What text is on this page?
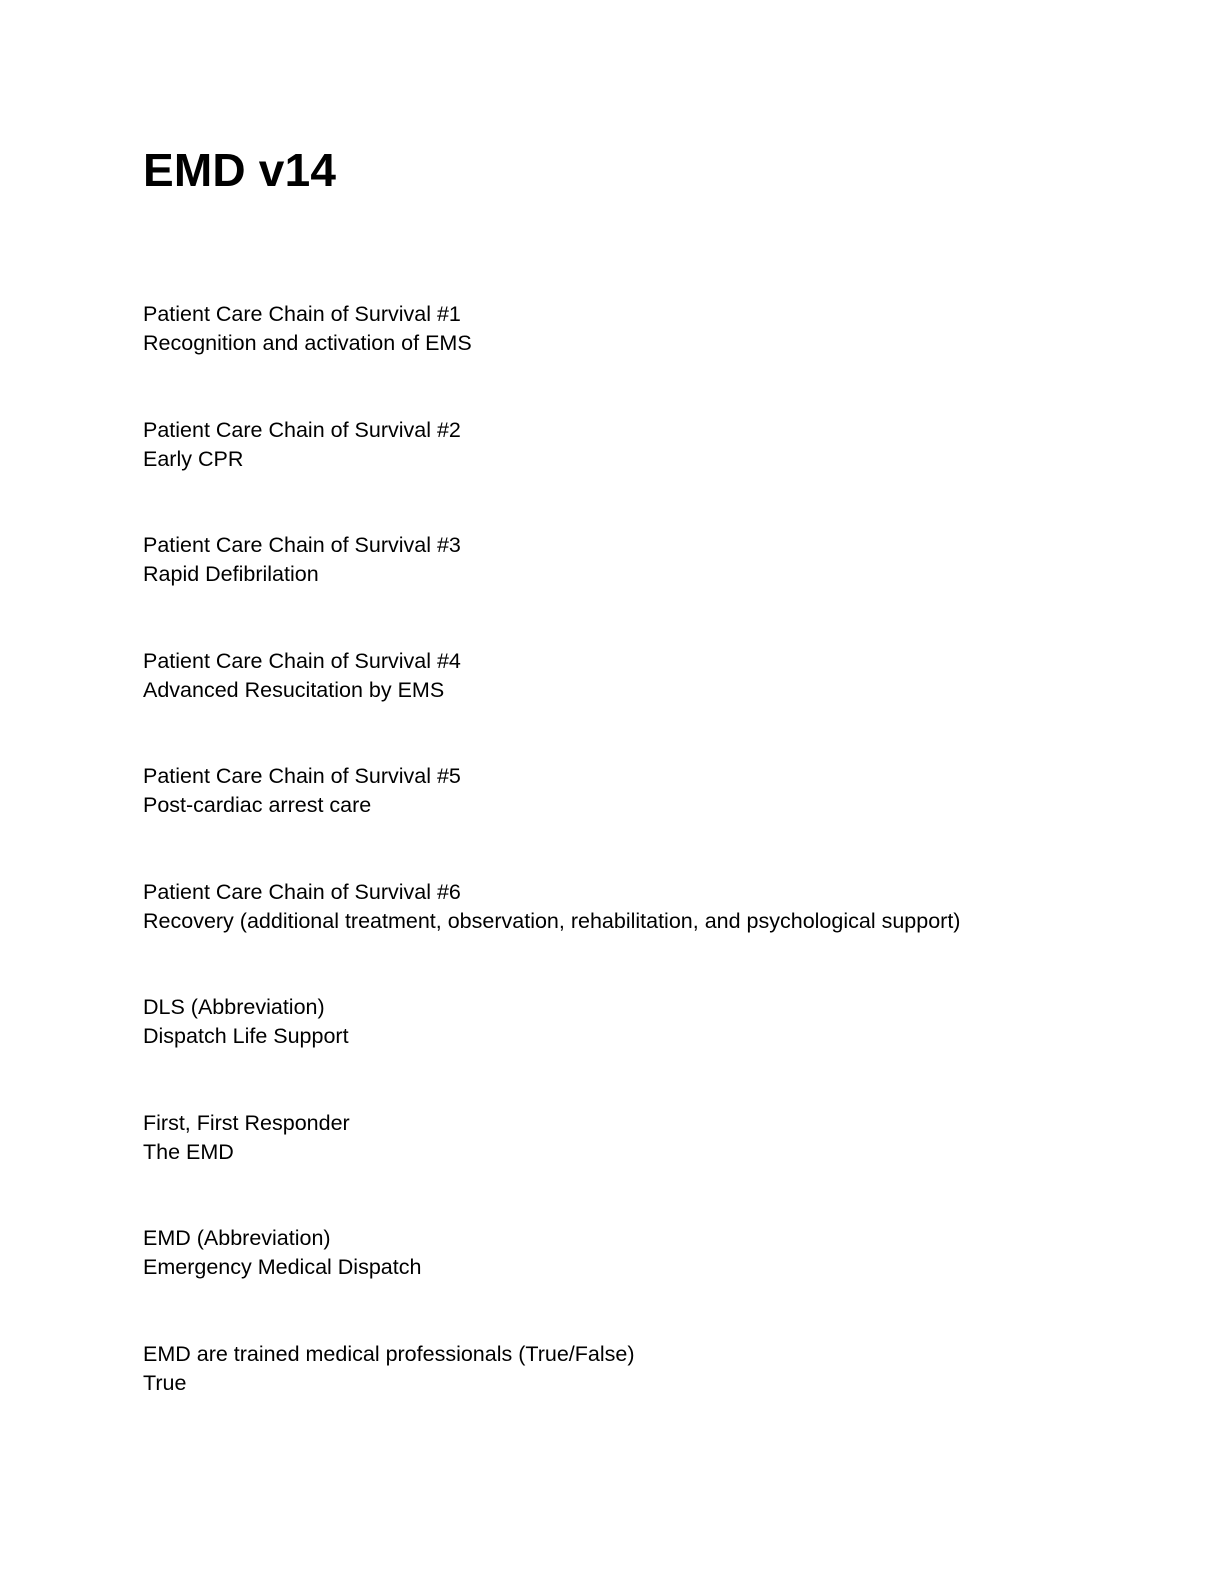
EMD v14
Patient Care Chain of Survival #1
Recognition and activation of EMS
Patient Care Chain of Survival #2
Early CPR
Patient Care Chain of Survival #3
Rapid Defibrilation
Patient Care Chain of Survival #4
Advanced Resucitation by EMS
Patient Care Chain of Survival #5
Post-cardiac arrest care
Patient Care Chain of Survival #6
Recovery (additional treatment, observation, rehabilitation, and psychological support)
DLS (Abbreviation)
Dispatch Life Support
First, First Responder
The EMD
EMD (Abbreviation)
Emergency Medical Dispatch
EMD are trained medical professionals (True/False)
True
